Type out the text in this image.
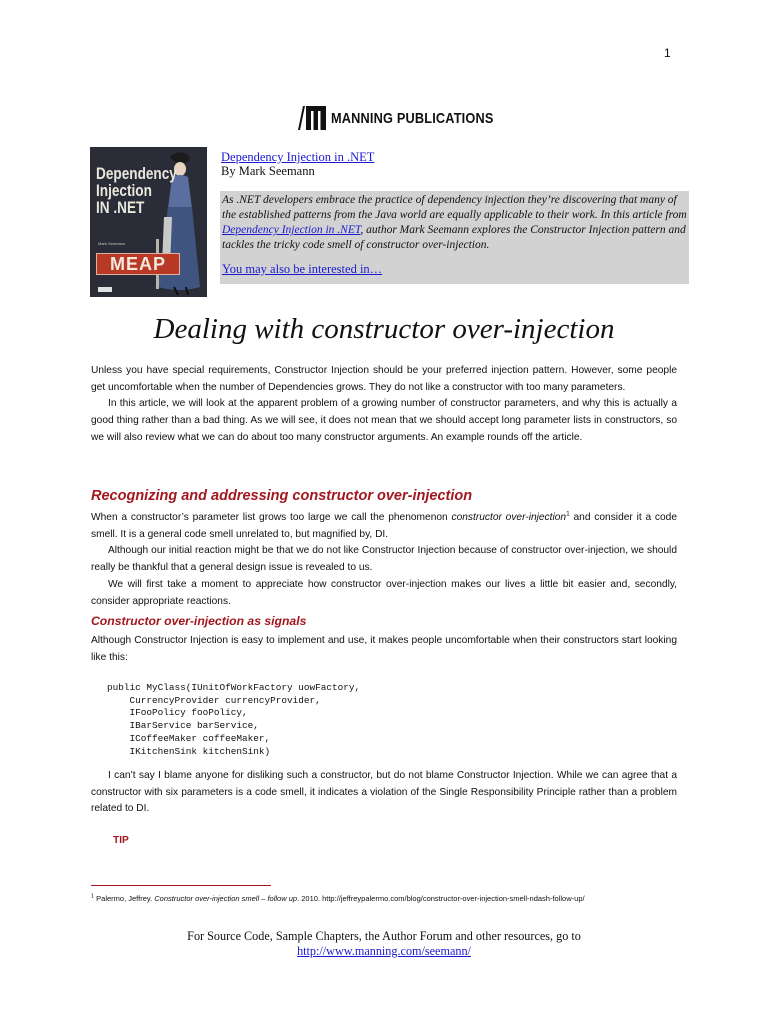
1
MANNING PUBLICATIONS
Dependency
Injection
IN .NET
Mark Seemann
MEAP
Dependency Injection in .NET
By Mark Seemann
As .NET developers embrace the practice of dependency injection they’re discovering that many of the established patterns from the Java world are equally applicable to their work. In this article from Dependency Injection in .NET, author Mark Seemann explores the Constructor Injection pattern and tackles the tricky code smell of constructor over-injection.
You may also be interested in…
Dealing with constructor over-injection

Unless you have special requirements, Constructor Injection should be your preferred injection pattern. However, some people get uncomfortable when the number of Dependencies grows. They do not like a constructor with too many parameters.

In this article, we will look at the apparent problem of a growing number of constructor parameters, and why this is actually a good thing rather than a bad thing. As we will see, it does not mean that we should accept long parameter lists in constructors, so we will also review what we can do about too many constructor arguments. An example rounds off the article.

Recognizing and addressing constructor over-injection

When a constructor’s parameter list grows too large we call the phenomenon constructor over-injection$^1$ and consider it a code smell. It is a general code smell unrelated to, but magnified by, DI.

Although our initial reaction might be that we do not like Constructor Injection because of constructor over-injection, we should really be thankful that a general design issue is revealed to us.

We will first take a moment to appreciate how constructor over-injection makes our lives a little bit easier and, secondly, consider appropriate reactions.

Constructor over-injection as signals
Although Constructor Injection is easy to implement and use, it makes people uncomfortable when their constructors start looking like this:
public MyClass(IUnitOfWorkFactory uowFactory,
CurrencyProvider currencyProvider,
IFooPolicy fooPolicy,
IBarService barService,
ICoffeeMaker coffeeMaker,
IKitchenSink kitchenSink)

I can’t say I blame anyone for disliking such a constructor, but do not blame Constructor Injection. While we can agree that a constructor with six parameters is a code smell, it indicates a violation of the Single Responsibility Principle rather than a problem related to DI.

TIP
$^1$ Palermo, Jeffrey. Constructor over-injection smell – follow up. 2010. http://jeffreypalermo.com/blog/constructor-over-injection-smell-ndash-follow-up/
For Source Code, Sample Chapters, the Author Forum and other resources, go to
http://www.manning.com/seemann/
